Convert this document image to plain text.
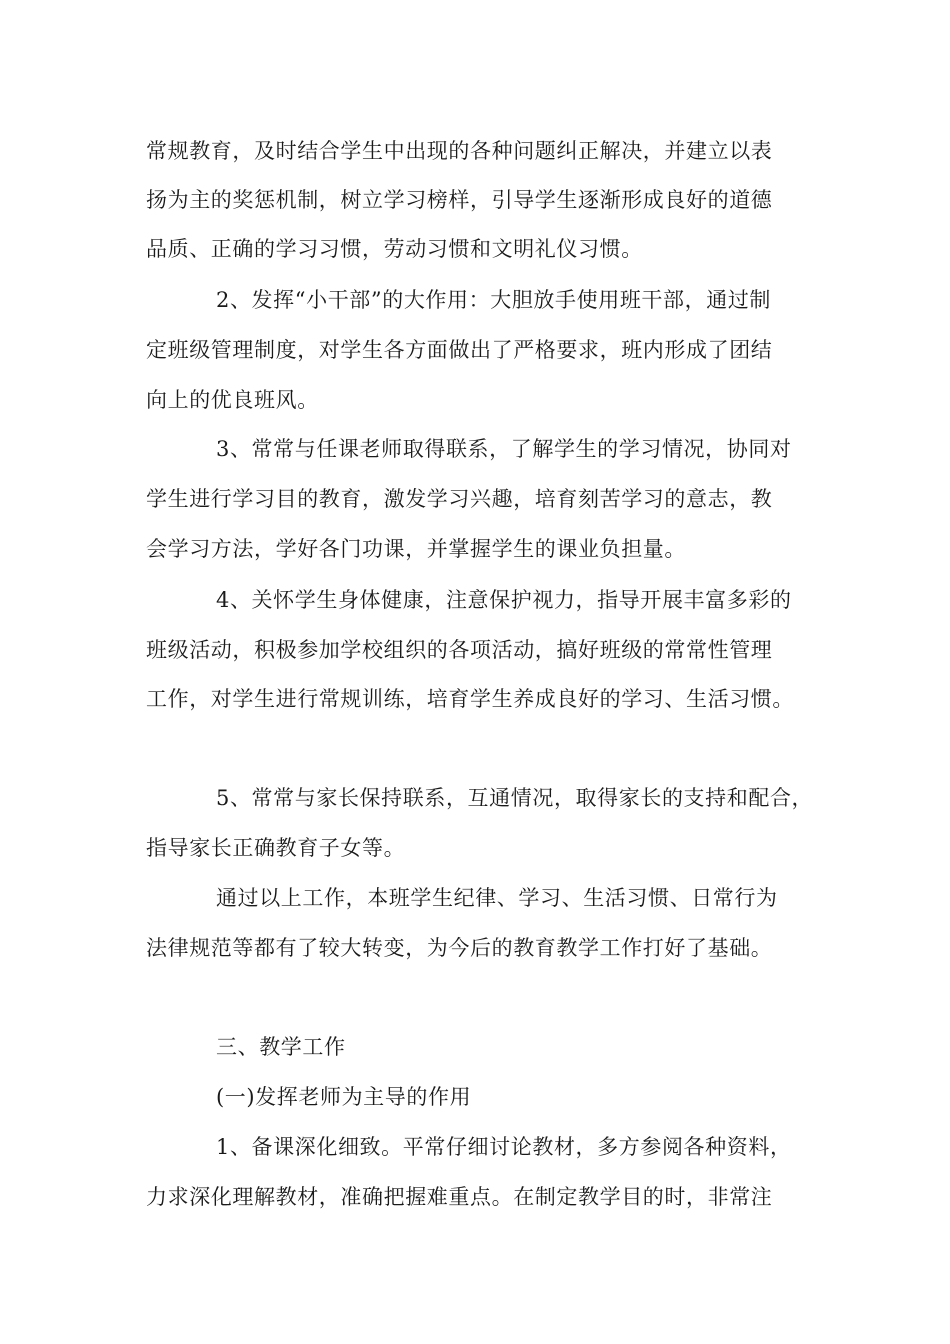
常规教育，及时结合学生中出现的各种问题纠正解决，并建立以表
扬为主的奖惩机制，树立学习榜样，引导学生逐渐形成良好的道德
品质、正确的学习习惯，劳动习惯和文明礼仪习惯。
2、发挥“小干部”的大作用：大胆放手使用班干部，通过制
定班级管理制度，对学生各方面做出了严格要求，班内形成了团结
向上的优良班风。
3、常常与任课老师取得联系，了解学生的学习情况，协同对
学生进行学习目的教育，激发学习兴趣，培育刻苦学习的意志，教
会学习方法，学好各门功课，并掌握学生的课业负担量。
4、关怀学生身体健康，注意保护视力，指导开展丰富多彩的
班级活动，积极参加学校组织的各项活动，搞好班级的常常性管理
工作，对学生进行常规训练，培育学生养成良好的学习、生活习惯。
5、常常与家长保持联系，互通情况，取得家长的支持和配合，
指导家长正确教育子女等。
通过以上工作，本班学生纪律、学习、生活习惯、日常行为
法律规范等都有了较大转变，为今后的教育教学工作打好了基础。
三、教学工作
(一)发挥老师为主导的作用
1、备课深化细致。平常仔细讨论教材，多方参阅各种资料，
力求深化理解教材，准确把握难重点。在制定教学目的时，非常注
